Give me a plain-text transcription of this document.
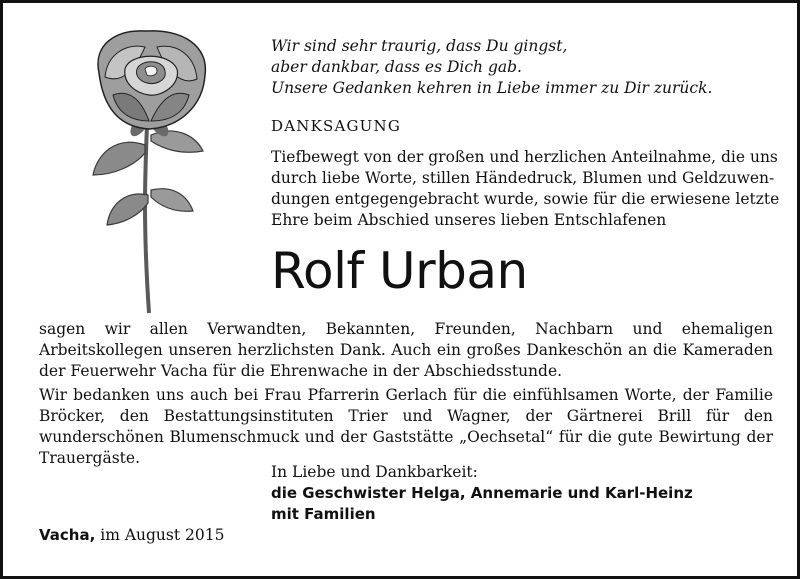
Wir sind sehr traurig, dass Du gingst,
aber dankbar, dass es Dich gab.
Unsere Gedanken kehren in Liebe immer zu Dir zurück.
DANKSAGUNG
Tiefbewegt von der großen und herzlichen Anteilnahme, die uns
durch liebe Worte, stillen Händedruck, Blumen und Geldzuwen-
dungen entgegengebracht wurde, sowie für die erwiesene letzte
Ehre beim Abschied unseres lieben Entschlafenen
Rolf Urban
sagen wir allen Verwandten, Bekannten, Freunden, Nachbarn und ehemaligen Arbeitskollegen unseren herzlichsten Dank. Auch ein großes Dankeschön an die Kameraden der Feuerwehr Vacha für die Ehrenwache in der Abschiedsstunde.
Wir bedanken uns auch bei Frau Pfarrerin Gerlach für die einfühlsamen Worte, der Familie Bröcker, den Bestattungsinstituten Trier und Wagner, der Gärtnerei Brill für den wunderschönen Blumenschmuck und der Gaststätte „Oechsetal“ für die gute Bewirtung der Trauergäste.
In Liebe und Dankbarkeit:
die Geschwister Helga, Annemarie und Karl-Heinz
mit Familien
Vacha, im August 2015
